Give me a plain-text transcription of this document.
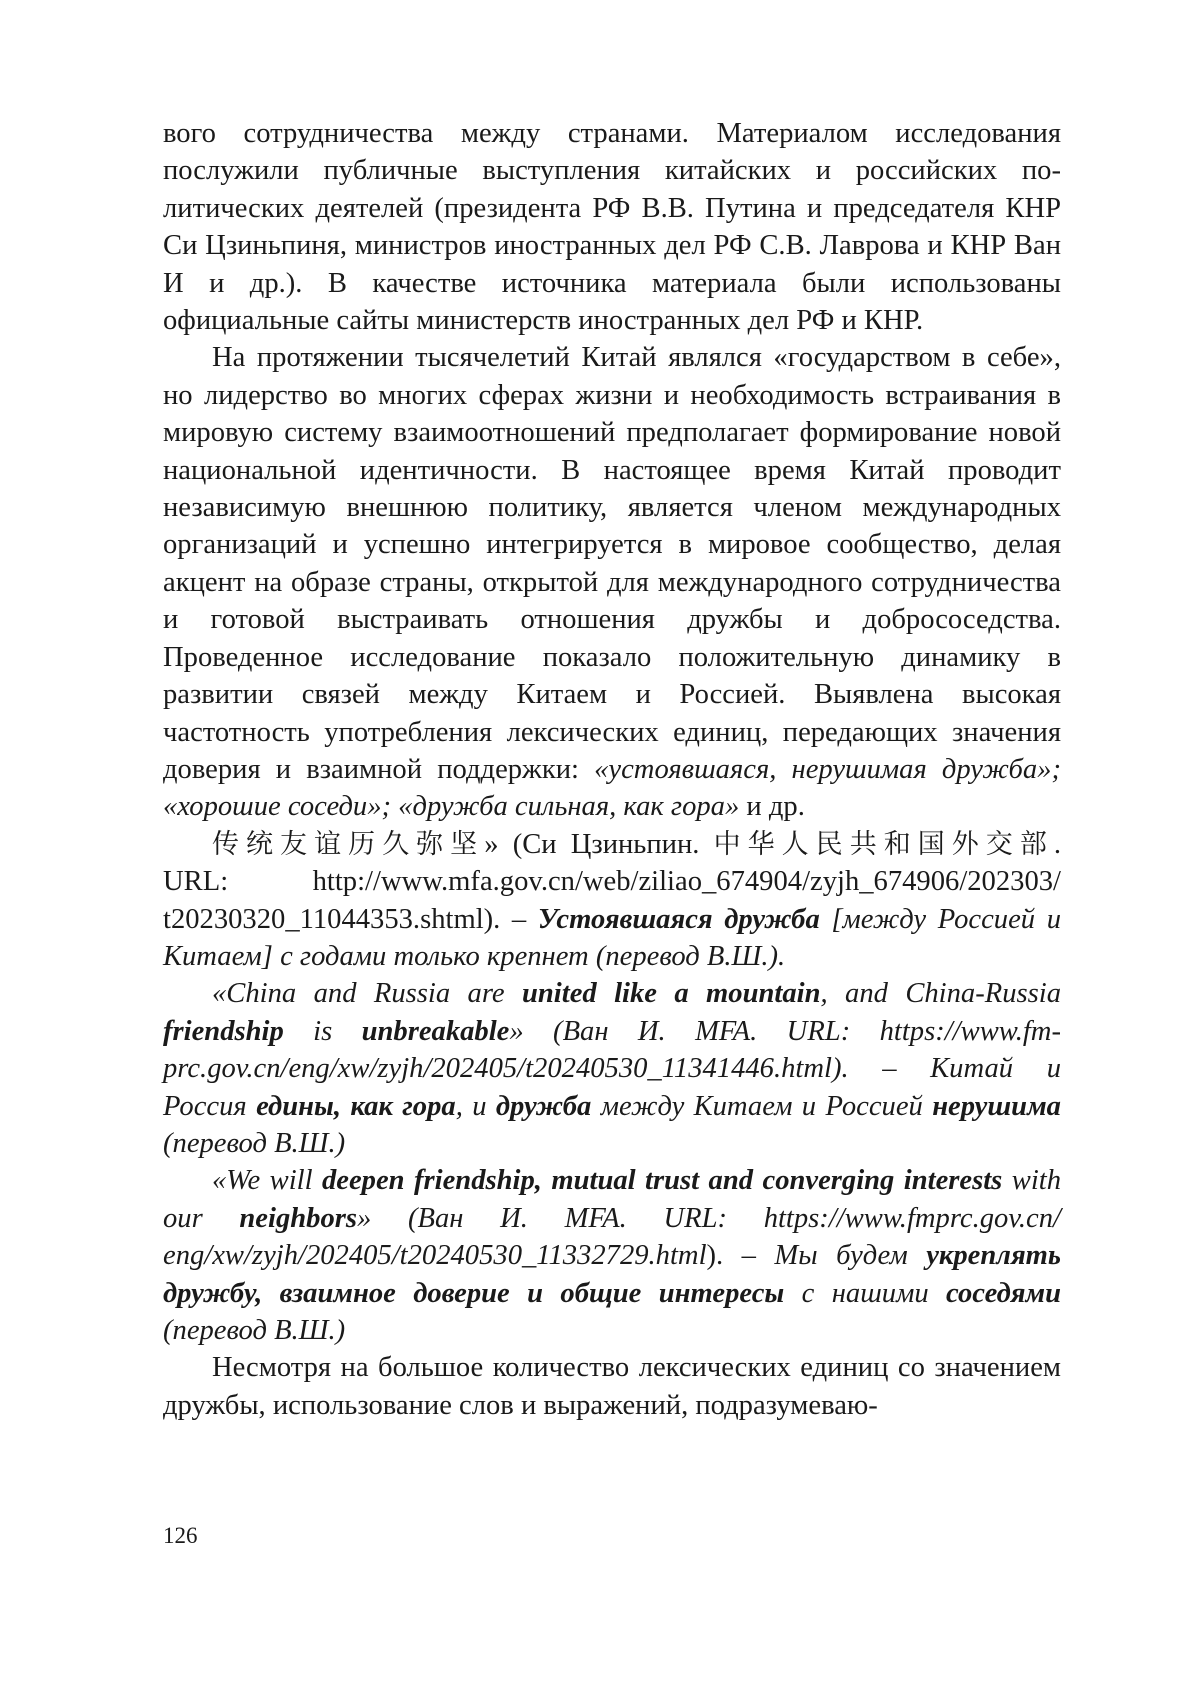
вого сотрудничества между странами. Материалом исследования послужили публичные выступления китайских и российских политических деятелей (президента РФ В.В. Путина и председателя КНР Си Цзиньпиня, министров иностранных дел РФ С.В. Лаврова и КНР Ван И и др.). В качестве источника материала были использованы официальные сайты министерств иностранных дел РФ и КНР.

На протяжении тысячелетий Китай являлся «государством в себе», но лидерство во многих сферах жизни и необходимость встраивания в мировую систему взаимоотношений предполагает формирование новой национальной идентичности. В настоящее время Китай проводит независимую внешнюю политику, является членом международных организаций и успешно интегрируется в мировое сообщество, делая акцент на образе страны, открытой для международного сотрудничества и готовой выстраивать отношения дружбы и добрососедства. Проведенное исследование показало положительную динамику в развитии связей между Китаем и Россией. Выявлена высокая частотность употребления лексических единиц, передающих значения доверия и взаимной поддержки: «устоявшаяся, нерушимая дружба»; «хорошие соседи»; «дружба сильная, как гора» и др.

传统友谊历久弥坚» (Си Цзиньпин. 中华人民共和国外交部. URL: http://www.mfa.gov.cn/web/ziliao_674904/zyjh_674906/202303/ t20230320_11044353.shtml). – Устоявшаяся дружба [между Россией и Китаем] с годами только крепнет (перевод В.Ш.).

«China and Russia are united like a mountain, and China-Russia friendship is unbreakable» (Ван И. MFA. URL: https://www.fmprc.gov.cn/eng/xw/zyjh/202405/t20240530_11341446.html). – Китай и Россия едины, как гора, и дружба между Китаем и Россией нерушима (перевод В.Ш.)

«We will deepen friendship, mutual trust and converging interests with our neighbors» (Ван И. MFA. URL: https://www.fmprc.gov.cn/ eng/xw/zyjh/202405/t20240530_11332729.html). – Мы будем укреплять дружбу, взаимное доверие и общие интересы с нашими соседями (перевод В.Ш.)

Несмотря на большое количество лексических единиц со значением дружбы, использование слов и выражений, подразумеваю-

126
